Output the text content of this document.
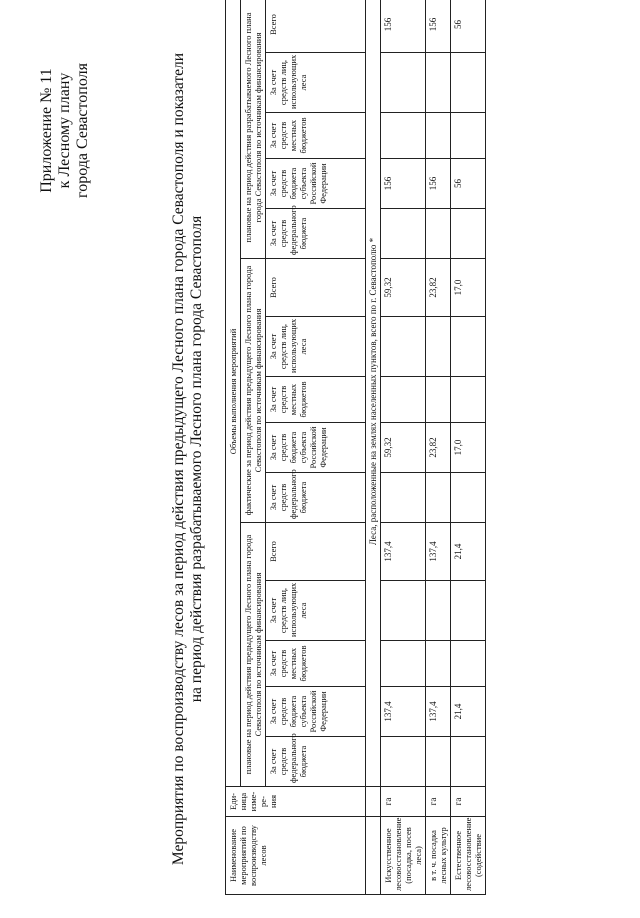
Приложение № 11 к Лесному плану города Севастополя	Мероприятия по воспроизводству лесов за период действия предыдущего Лесного плана города Севастополя и показатели на период действия разрабатываемого Лесного плана города Севастополя
Наименование мероприятий по воспроизводству лесов	Еди-ница изме-ре-ния	Объемы выполнения мероприятий														
		плановые на период действия предыдущего Лесного плана города Севастополя по источникам финансирования					фактические за период действия предыдущего Лесного плана города Севастополя по источникам финансирования					плановые на период действия разрабатываемого Лесного плана города Севастополя по источникам финансирования				
		За счет средств федерального бюджета	За счет средств бюджета субъекта Российской Федерации	За счет средств местных бюджетов	За счет средств лиц, использующих леса	Всего	За счет средств федерального бюджета	За счет средств бюджета субъекта Российской Федерации	За счет средств местных бюджетов	За счет средств лиц, использующих леса	Всего	За счет средств федерального бюджета	За счет средств бюджета субъекта Российской Федерации	За счет средств местных бюджетов	За счет средств лиц, использующих леса	Всего
		Леса, расположенные на землях населенных пунктов, всего по г. Севастополю *														
Искусственное лесовосстановление (посадка, посев леса)	га		137,4			137,4		59,32			59,32		156			156
в т. ч. посадка лесных культур	га		137,4			137,4		23,82			23,82		156			156
Естественное лесовосстановление (содействие	га		21,4			21,4		17,0			17,0		56			56
